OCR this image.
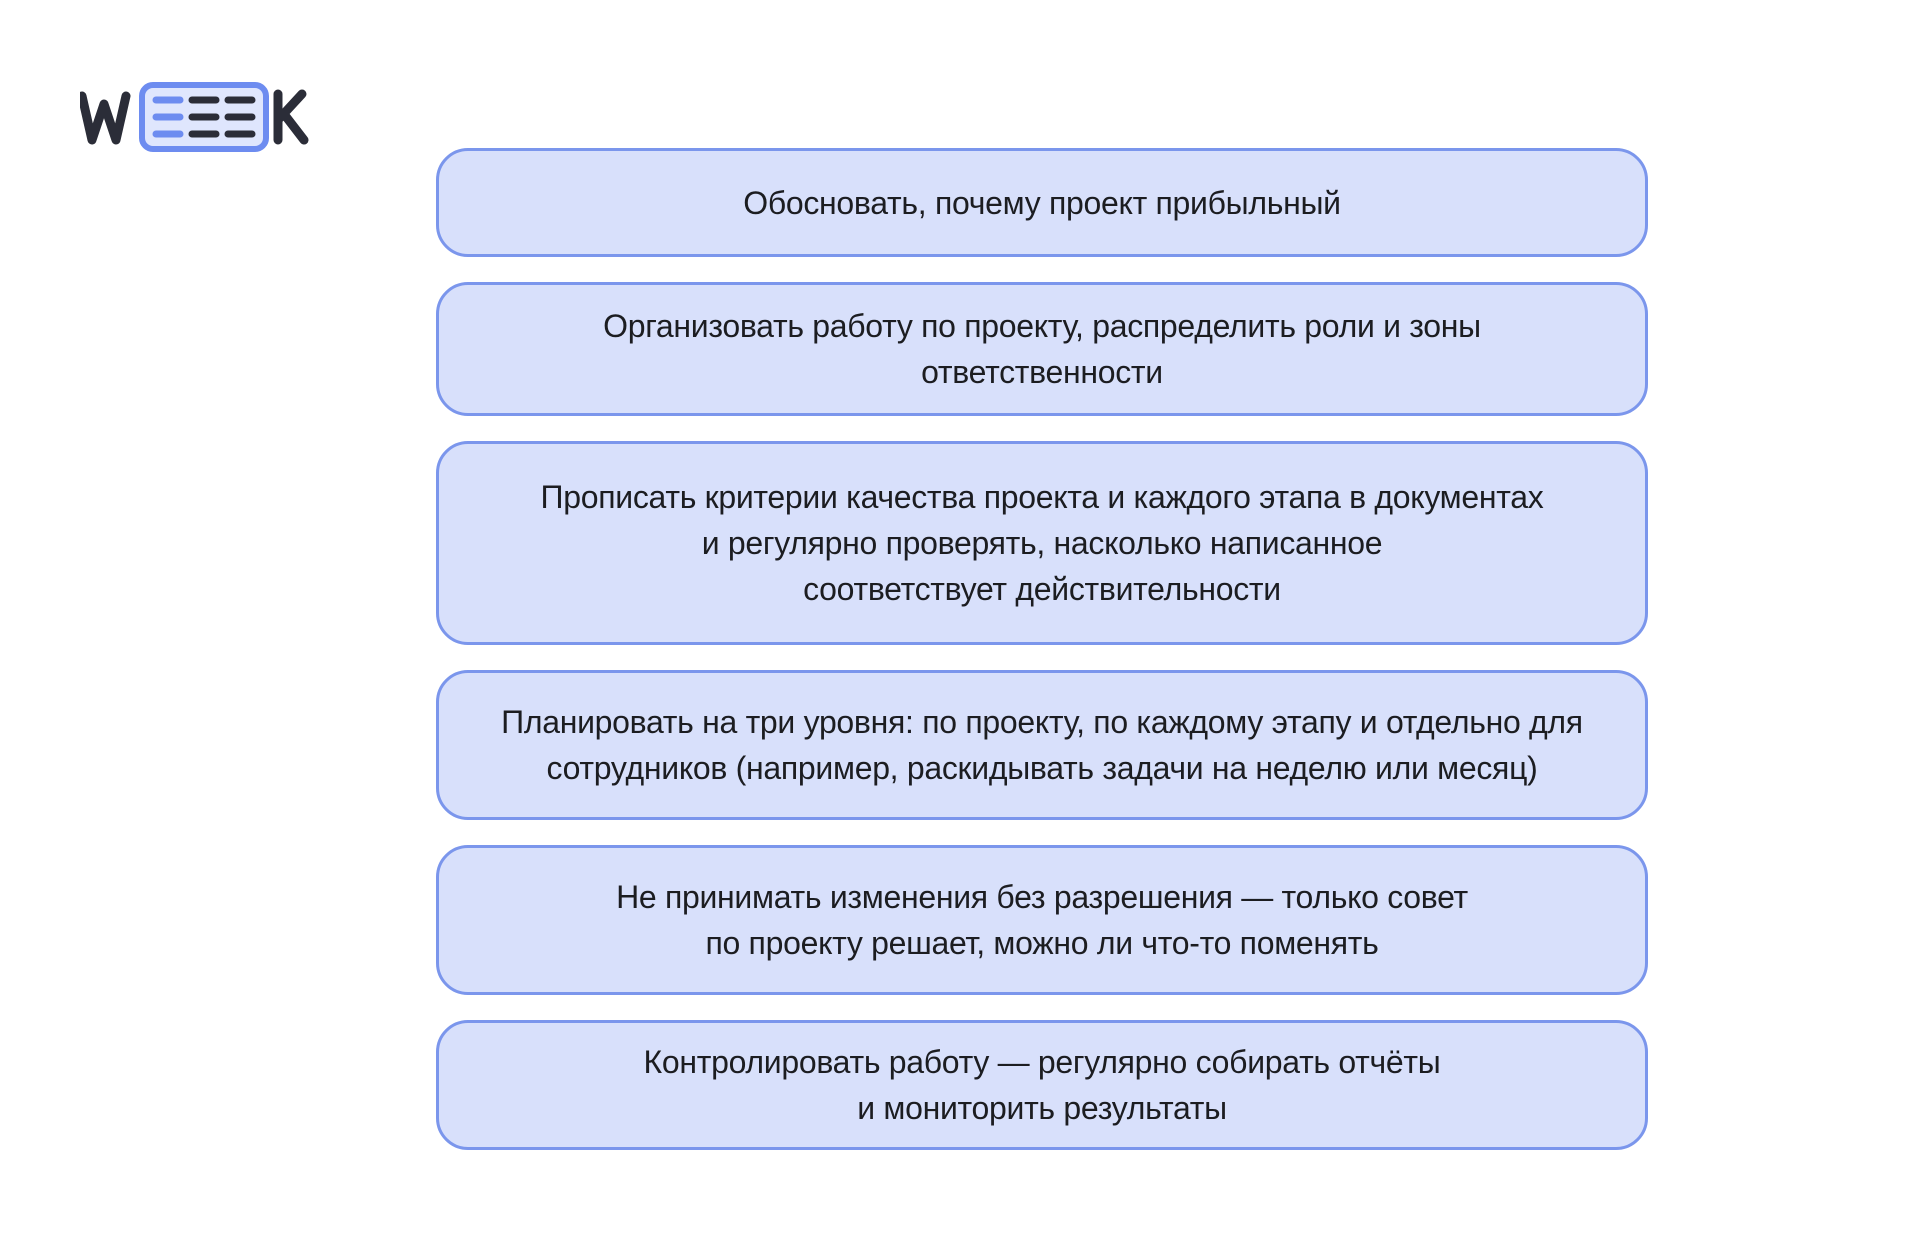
Обосновать, почему проект прибыльный
Организовать работу по проекту, распределить роли и зоны
ответственности
Прописать критерии качества проекта и каждого этапа в документах
и регулярно проверять, насколько написанное
соответствует действительности
Планировать на три уровня: по проекту, по каждому этапу и отдельно для
сотрудников (например, раскидывать задачи на неделю или месяц)
Не принимать изменения без разрешения — только совет
по проекту решает, можно ли что-то поменять
Контролировать работу — регулярно собирать отчёты
и мониторить результаты
